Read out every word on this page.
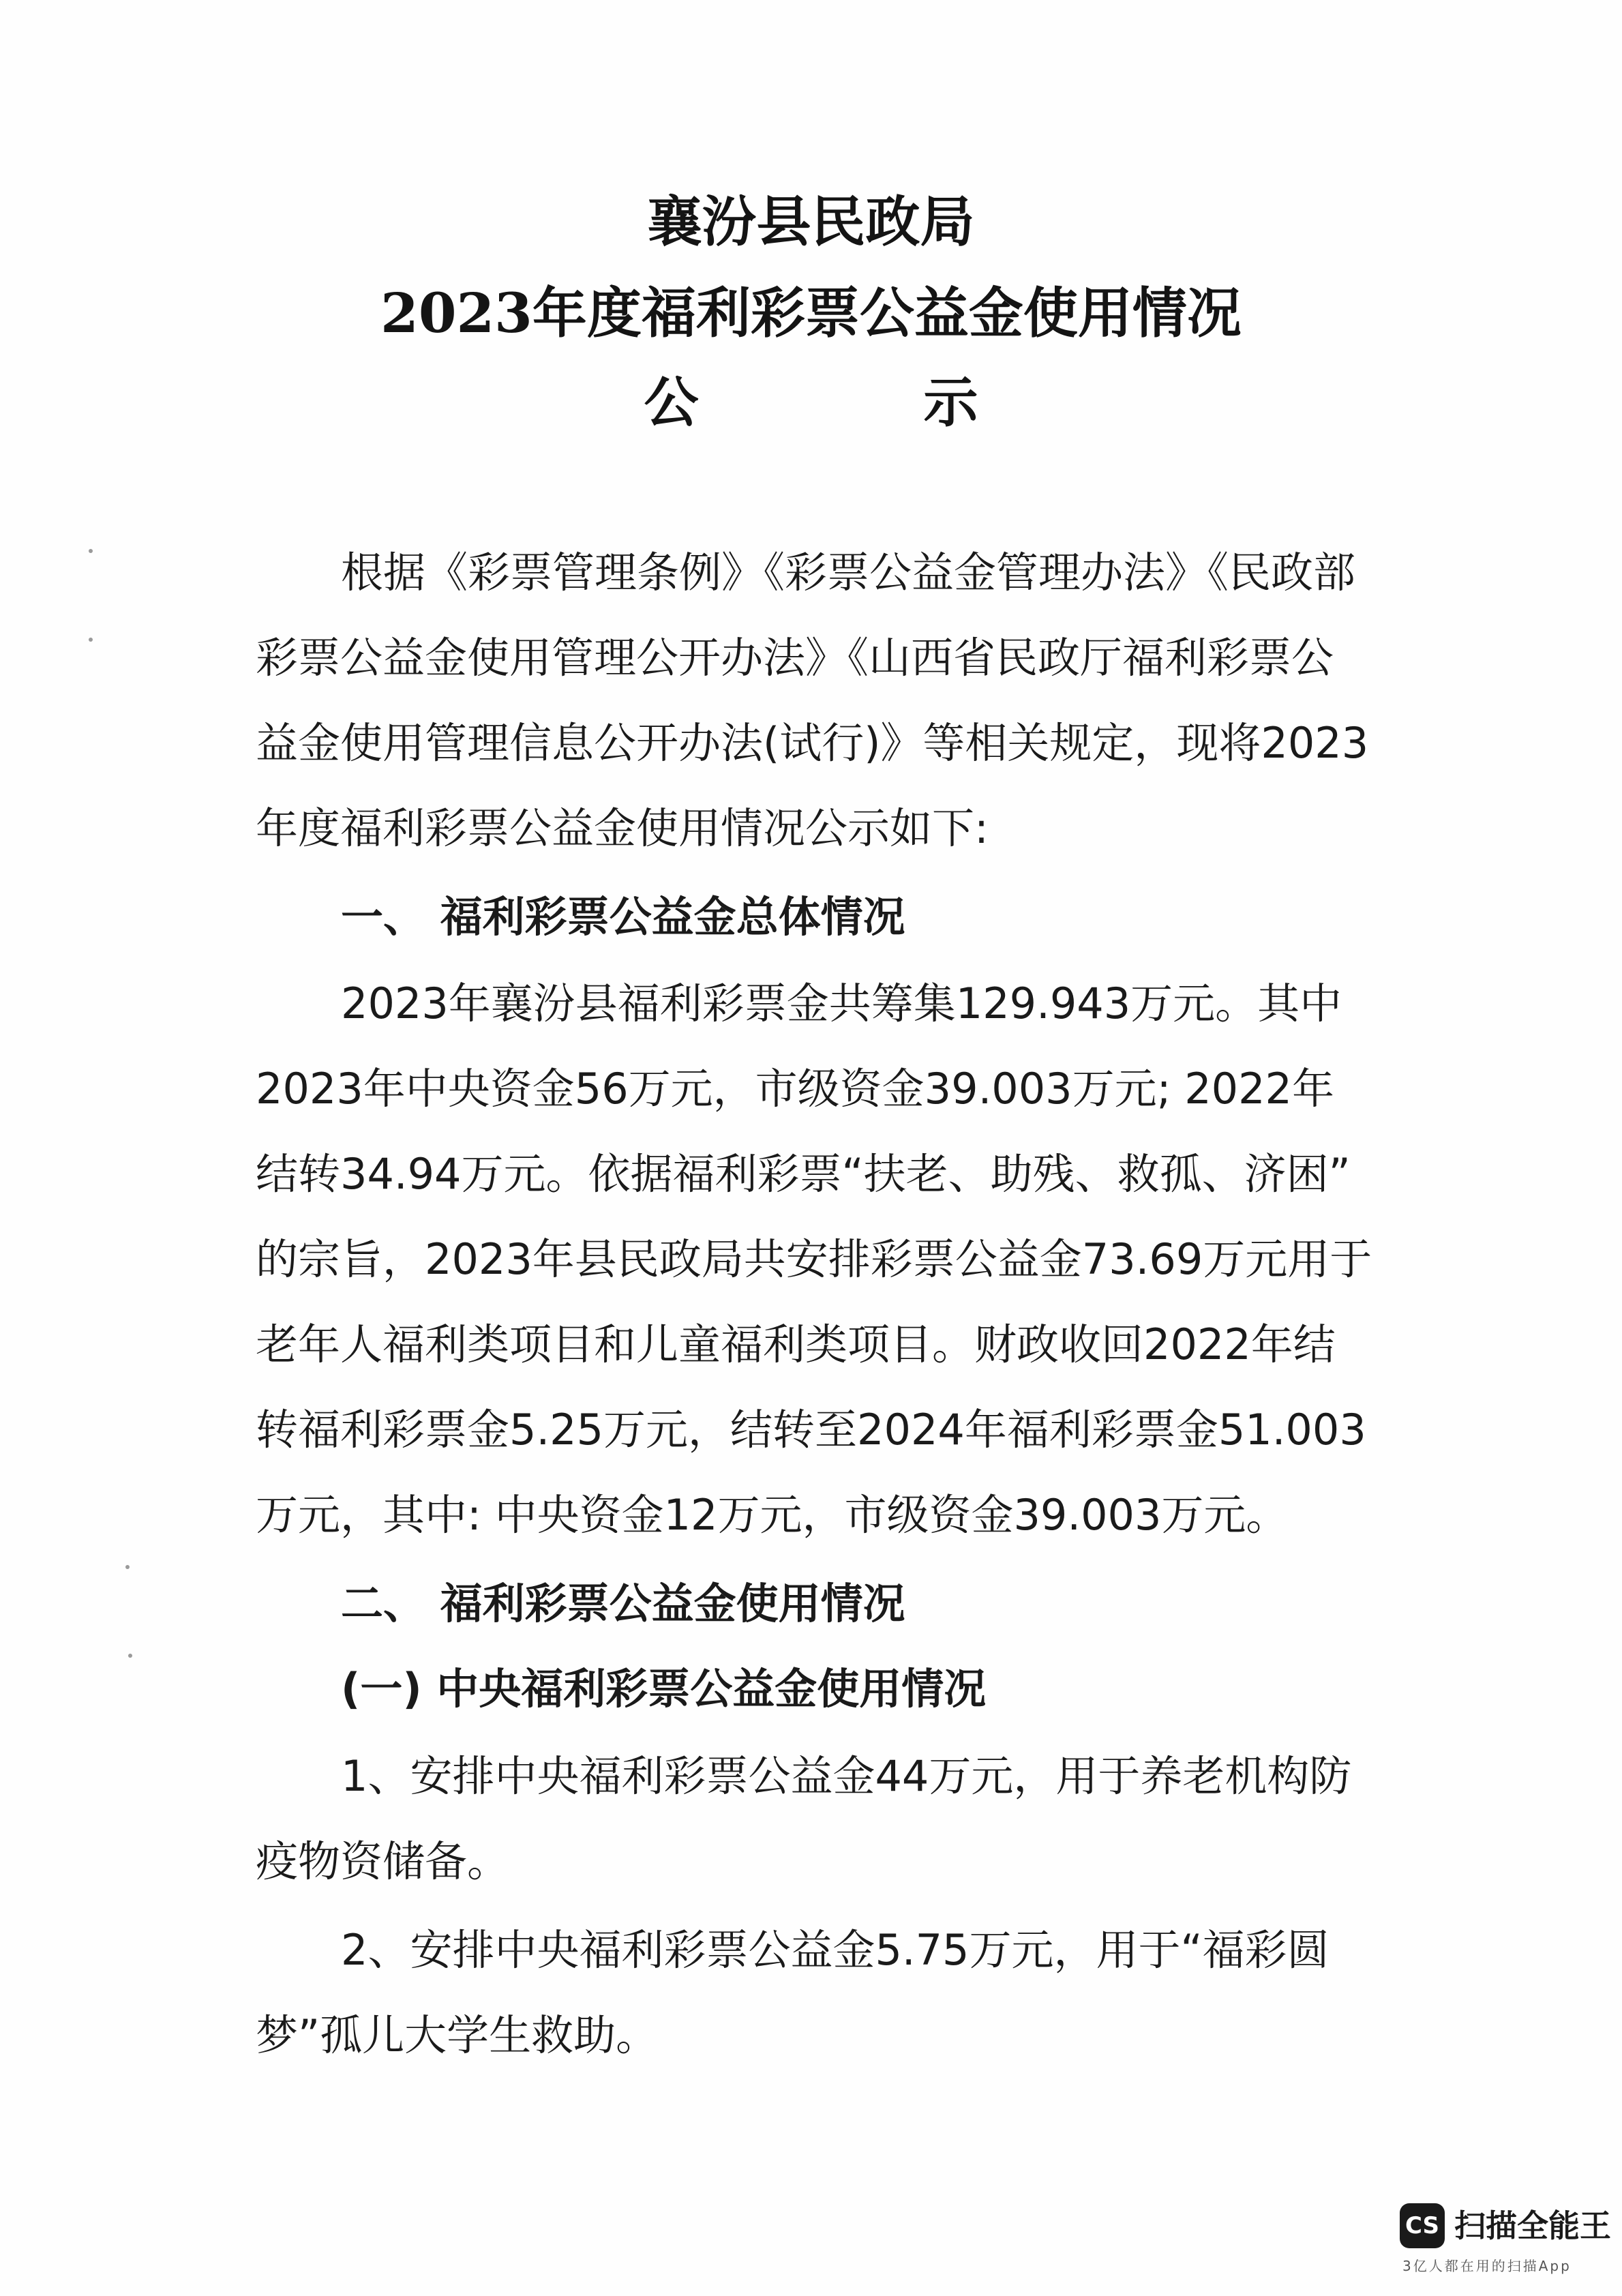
襄汾县民政局
2023年度福利彩票公益金使用情况
公	示
根据《彩票管理条例》《彩票公益金管理办法》《民政部
彩票公益金使用管理公开办法》《山西省民政厅福利彩票公
益金使用管理信息公开办法(试行)》等相关规定，现将2023
年度福利彩票公益金使用情况公示如下:
一、 福利彩票公益金总体情况
2023年襄汾县福利彩票金共筹集129.943万元。其中
2023年中央资金56万元，市级资金39.003万元; 2022年
结转34.94万元。依据福利彩票“扶老、助残、救孤、济困”
的宗旨，2023年县民政局共安排彩票公益金73.69万元用于
老年人福利类项目和儿童福利类项目。财政收回2022年结
转福利彩票金5.25万元，结转至2024年福利彩票金51.003
万元，其中: 中央资金12万元，市级资金39.003万元。
二、 福利彩票公益金使用情况
(一) 中央福利彩票公益金使用情况
1、安排中央福利彩票公益金44万元，用于养老机构防
疫物资储备。
2、安排中央福利彩票公益金5.75万元，用于“福彩圆
梦”孤儿大学生救助。
CS 扫描全能王
3亿人都在用的扫描App
